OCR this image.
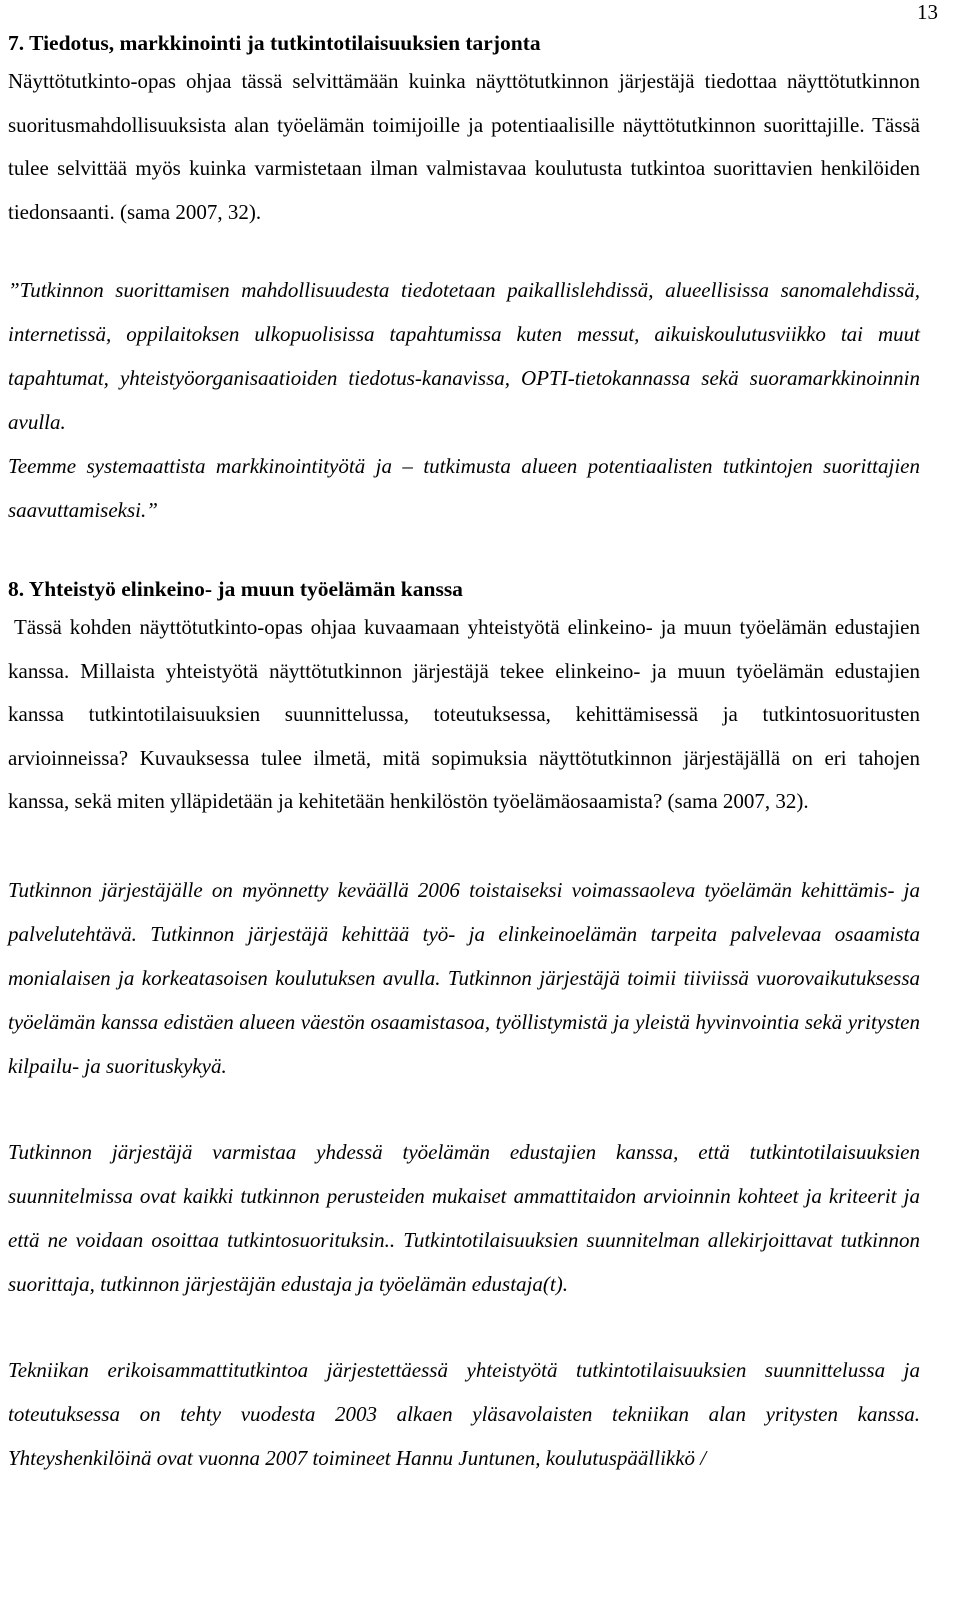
13
7. Tiedotus, markkinointi ja tutkintotilaisuuksien tarjonta

Näyttötutkinto-opas ohjaa tässä selvittämään kuinka näyttötutkinnon järjestäjä tiedottaa näyttötutkinnon suoritusmahdollisuuksista alan työelämän toimijoille ja potentiaalisille näyttötutkinnon suorittajille. Tässä tulee selvittää myös kuinka varmistetaan ilman valmistavaa koulutusta tutkintoa suorittavien henkilöiden tiedonsaanti. (sama 2007, 32).

”Tutkinnon suorittamisen mahdollisuudesta tiedotetaan paikallislehdissä, alueellisissa sanomalehdissä, internetissä, oppilaitoksen ulkopuolisissa tapahtumissa kuten messut, aikuiskoulutusviikko tai muut tapahtumat, yhteistyöorganisaatioiden tiedotus-kanavissa, OPTI-tietokannassa sekä suoramarkkinoinnin avulla.

Teemme systemaattista markkinointityötä ja – tutkimusta alueen potentiaalisten tutkintojen suorittajien saavuttamiseksi.”

8. Yhteistyö elinkeino- ja muun työelämän kanssa

Tässä kohden näyttötutkinto-opas ohjaa kuvaamaan yhteistyötä elinkeino- ja muun työelämän edustajien kanssa. Millaista yhteistyötä näyttötutkinnon järjestäjä tekee elinkeino- ja muun työelämän edustajien kanssa tutkintotilaisuuksien suunnittelussa, toteutuksessa, kehittämisessä ja tutkintosuoritusten arvioinneissa? Kuvauksessa tulee ilmetä, mitä sopimuksia näyttötutkinnon järjestäjällä on eri tahojen kanssa, sekä miten ylläpidetään ja kehitetään henkilöstön työelämäosaamista? (sama 2007, 32).

Tutkinnon järjestäjälle on myönnetty keväällä 2006 toistaiseksi voimassaoleva työelämän kehittämis- ja palvelutehtävä. Tutkinnon järjestäjä kehittää työ- ja elinkeinoelämän tarpeita palvelevaa osaamista monialaisen ja korkeatasoisen koulutuksen avulla. Tutkinnon järjestäjä toimii tiiviissä vuorovaikutuksessa työelämän kanssa edistäen alueen väestön osaamistasoa, työllistymistä ja yleistä hyvinvointia sekä yritysten kilpailu- ja suorituskykyä.

Tutkinnon järjestäjä varmistaa yhdessä työelämän edustajien kanssa, että tutkintotilaisuuksien suunnitelmissa ovat kaikki tutkinnon perusteiden mukaiset ammattitaidon arvioinnin kohteet ja kriteerit ja että ne voidaan osoittaa tutkintosuorituksin.. Tutkintotilaisuuksien suunnitelman allekirjoittavat tutkinnon suorittaja, tutkinnon järjestäjän edustaja ja työelämän edustaja(t).

Tekniikan erikoisammattitutkintoa järjestettäessä yhteistyötä tutkintotilaisuuksien suunnittelussa ja toteutuksessa on tehty vuodesta 2003 alkaen yläsavolaisten tekniikan alan yritysten kanssa. Yhteyshenkilöinä ovat vuonna 2007 toimineet Hannu Juntunen, koulutuspäällikkö /
